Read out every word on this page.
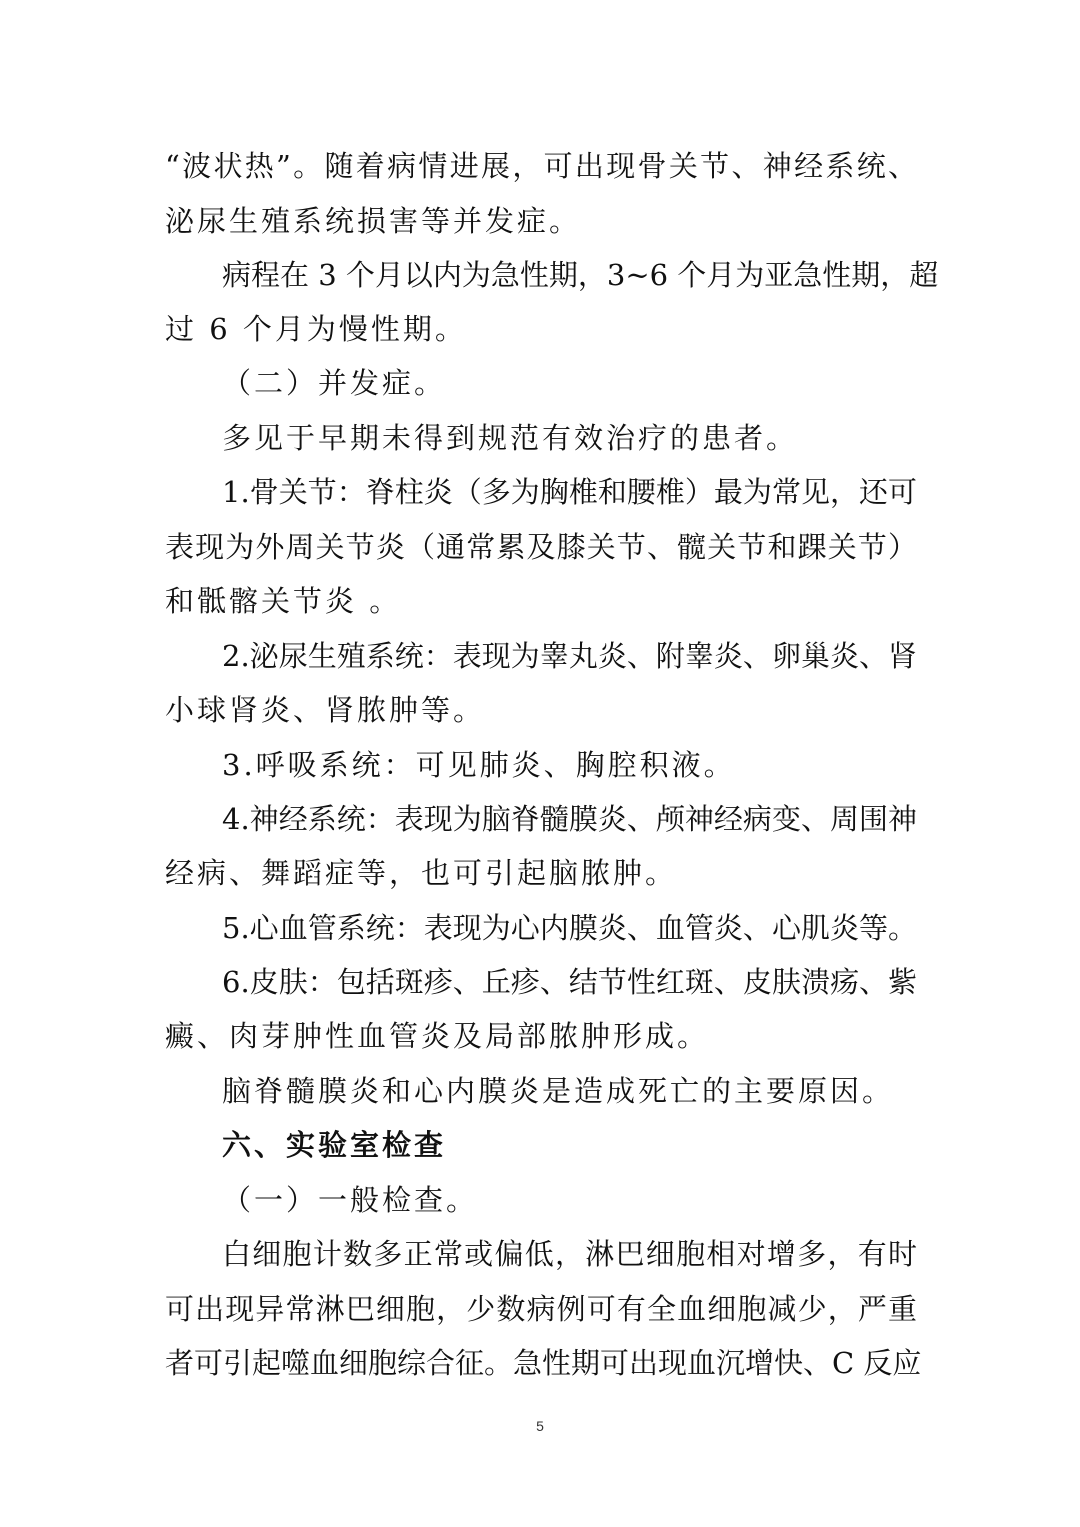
“波状热”。随着病情进展，可出现骨关节、神经系统、
泌尿生殖系统损害等并发症。
病程在 3 个月以内为急性期，3~6 个月为亚急性期，超
过 6 个月为慢性期。
（二）并发症。
多见于早期未得到规范有效治疗的患者。
1.骨关节：脊柱炎（多为胸椎和腰椎）最为常见，还可
表现为外周关节炎（通常累及膝关节、髋关节和踝关节）
和骶髂关节炎 。
2.泌尿生殖系统：表现为睾丸炎、附睾炎、卵巢炎、肾
小球肾炎、肾脓肿等。
3.呼吸系统：可见肺炎、胸腔积液。
4.神经系统：表现为脑脊髓膜炎、颅神经病变、周围神
经病、舞蹈症等，也可引起脑脓肿。
5.心血管系统：表现为心内膜炎、血管炎、心肌炎等。
6.皮肤：包括斑疹、丘疹、结节性红斑、皮肤溃疡、紫
癜、肉芽肿性血管炎及局部脓肿形成。
脑脊髓膜炎和心内膜炎是造成死亡的主要原因。
六、实验室检查
（一）一般检查。
白细胞计数多正常或偏低，淋巴细胞相对增多，有时
可出现异常淋巴细胞，少数病例可有全血细胞减少，严重
者可引起噬血细胞综合征。急性期可出现血沉增快、C 反应
5
